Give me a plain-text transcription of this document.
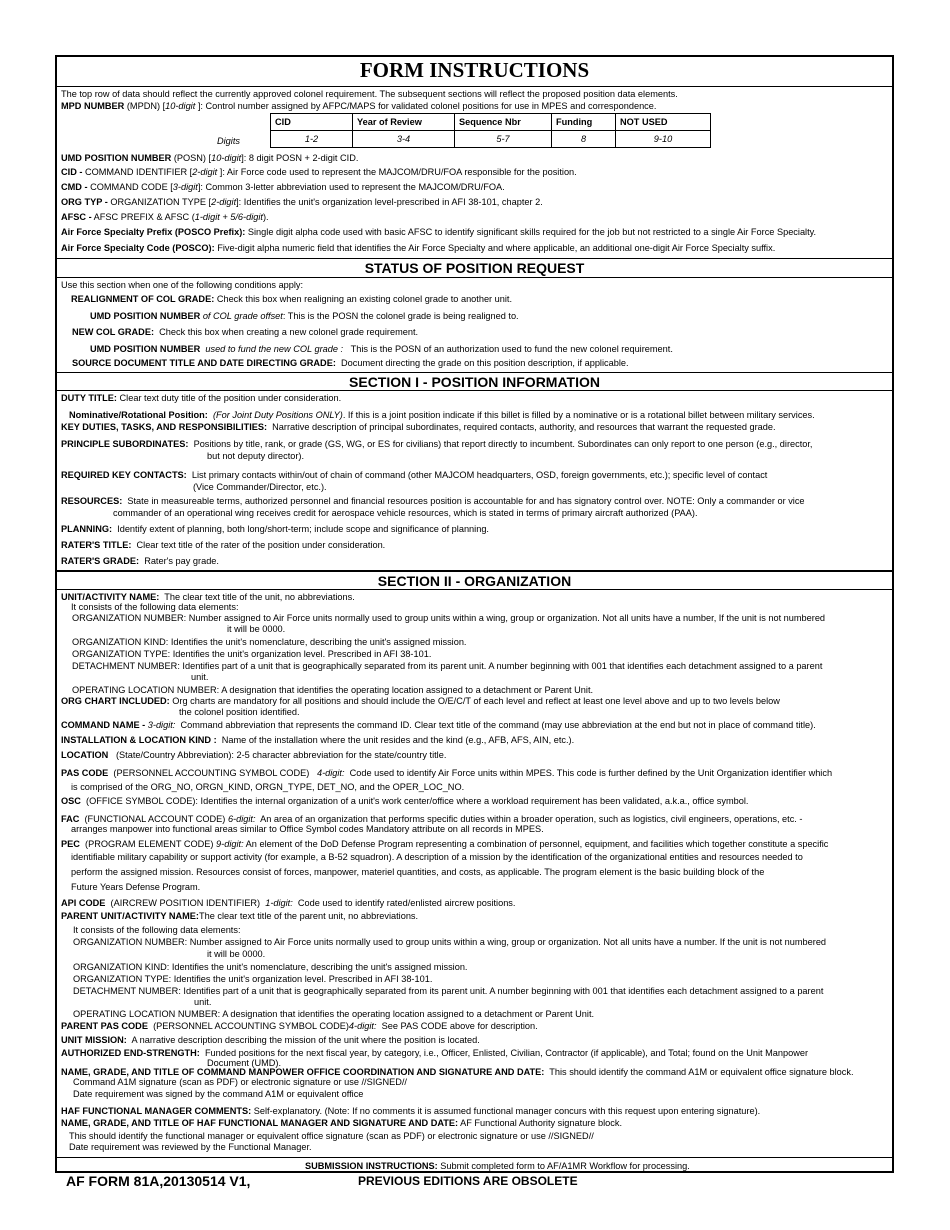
FORM INSTRUCTIONS
The top row of data should reflect the currently approved colonel requirement. The subsequent sections will reflect the proposed position data elements.
MPD NUMBER (MPDN) [10-digit ]: Control number assigned by AFPC/MAPS for validated colonel positions for use in MPES and correspondence.
Digits
CID	Year of Review	Sequence Nbr	Funding	NOT USED
1-2	3-4	5-7	8	9-10
UMD POSITION NUMBER (POSN) [10-digit]: 8 digit POSN + 2-digit CID.
CID - COMMAND IDENTIFIER [2-digit ]: Air Force code used to represent the MAJCOM/DRU/FOA responsible for the position.
CMD - COMMAND CODE [3-digit]: Common 3-letter abbreviation used to represent the MAJCOM/DRU/FOA.
ORG TYP - ORGANIZATION TYPE [2-digit]: Identifies the unit's organization level-prescribed in AFI 38-101, chapter 2.
AFSC - AFSC PREFIX & AFSC (1-digit + 5/6-digit).
Air Force Specialty Prefix (POSCO Prefix): Single digit alpha code used with basic AFSC to identify significant skills required for the job but not restricted to a single Air Force Specialty.
Air Force Specialty Code (POSCO): Five-digit alpha numeric field that identifies the Air Force Specialty and where applicable, an additional one-digit Air Force Specialty suffix.
STATUS OF POSITION REQUEST
Use this section when one of the following conditions apply:
REALIGNMENT OF COL GRADE: Check this box when realigning an existing colonel grade to another unit.
UMD POSITION NUMBER of COL grade offset: This is the POSN the colonel grade is being realigned to.
NEW COL GRADE: Check this box when creating a new colonel grade requirement.
UMD POSITION NUMBER used to fund the new COL grade : This is the POSN of an authorization used to fund the new colonel requirement.
SOURCE DOCUMENT TITLE AND DATE DIRECTING GRADE: Document directing the grade on this position description, if applicable.
SECTION I - POSITION INFORMATION
DUTY TITLE: Clear text duty title of the position under consideration.
Nominative/Rotational Position: (For Joint Duty Positions ONLY). If this is a joint position indicate if this billet is filled by a nominative or is a rotational billet between military services.
KEY DUTIES, TASKS, AND RESPONSIBILITIES: Narrative description of principal subordinates, required contacts, authority, and resources that warrant the requested grade.
PRINCIPLE SUBORDINATES: Positions by title, rank, or grade (GS, WG, or ES for civilians) that report directly to incumbent. Subordinates can only report to one person (e.g., director,
but not deputy director).
REQUIRED KEY CONTACTS: List primary contacts within/out of chain of command (other MAJCOM headquarters, OSD, foreign governments, etc.); specific level of contact
(Vice Commander/Director, etc.).
RESOURCES: State in measureable terms, authorized personnel and financial resources position is accountable for and has signatory control over. NOTE: Only a commander or vice
commander of an operational wing receives credit for aerospace vehicle resources, which is stated in terms of primary aircraft authorized (PAA).
PLANNING: Identify extent of planning, both long/short-term; include scope and significance of planning.
RATER'S TITLE: Clear text title of the rater of the position under consideration.
RATER'S GRADE: Rater's pay grade.
SECTION II - ORGANIZATION
UNIT/ACTIVITY NAME: The clear text title of the unit, no abbreviations.
It consists of the following data elements:
ORGANIZATION NUMBER: Number assigned to Air Force units normally used to group units within a wing, group or organization. Not all units have a number, If the unit is not numbered
it will be 0000.
ORGANIZATION KIND: Identifies the unit's nomenclature, describing the unit's assigned mission.
ORGANIZATION TYPE: Identifies the unit's organization level. Prescribed in AFI 38-101.
DETACHMENT NUMBER: Identifies part of a unit that is geographically separated from its parent unit. A number beginning with 001 that identifies each detachment assigned to a parent
unit.
OPERATING LOCATION NUMBER: A designation that identifies the operating location assigned to a detachment or Parent Unit.
ORG CHART INCLUDED: Org charts are mandatory for all positions and should include the O/E/C/T of each level and reflect at least one level above and up to two levels below
the colonel position identified.
COMMAND NAME - 3-digit: Command abbreviation that represents the command ID. Clear text title of the command (may use abbreviation at the end but not in place of command title).
INSTALLATION & LOCATION KIND : Name of the installation where the unit resides and the kind (e.g., AFB, AFS, AIN, etc.).
LOCATION (State/Country Abbreviation): 2-5 character abbreviation for the state/country title.
PAS CODE (PERSONNEL ACCOUNTING SYMBOL CODE) 4-digit: Code used to identify Air Force units within MPES. This code is further defined by the Unit Organization identifier which
is comprised of the ORG_NO, ORGN_KIND, ORGN_TYPE, DET_NO, and the OPER_LOC_NO.
OSC (OFFICE SYMBOL CODE): Identifies the internal organization of a unit's work center/office where a workload requirement has been validated, a.k.a., office symbol.
FAC (FUNCTIONAL ACCOUNT CODE) 6-digit: An area of an organization that performs specific duties within a broader operation, such as logistics, civil engineers, operations, etc. -
arranges manpower into functional areas similar to Office Symbol codes Mandatory attribute on all records in MPES.
PEC (PROGRAM ELEMENT CODE) 9-digit: An element of the DoD Defense Program representing a combination of personnel, equipment, and facilities which together constitute a specific
identifiable military capability or support activity (for example, a B-52 squadron). A description of a mission by the identification of the organizational entities and resources needed to
perform the assigned mission. Resources consist of forces, manpower, materiel quantities, and costs, as applicable. The program element is the basic building block of the
Future Years Defense Program.
API CODE (AIRCREW POSITION IDENTIFIER) 1-digit: Code used to identify rated/enlisted aircrew positions.
PARENT UNIT/ACTIVITY NAME:The clear text title of the parent unit, no abbreviations.
It consists of the following data elements:
ORGANIZATION NUMBER: Number assigned to Air Force units normally used to group units within a wing, group or organization. Not all units have a number. If the unit is not numbered
it will be 0000.
ORGANIZATION KIND: Identifies the unit's nomenclature, describing the unit's assigned mission.
ORGANIZATION TYPE: Identifies the unit's organization level. Prescribed in AFI 38-101.
DETACHMENT NUMBER: Identifies part of a unit that is geographically separated from its parent unit. A number beginning with 001 that identifies each detachment assigned to a parent
unit.
OPERATING LOCATION NUMBER: A designation that identifies the operating location assigned to a detachment or Parent Unit.
PARENT PAS CODE (PERSONNEL ACCOUNTING SYMBOL CODE)4-digit: See PAS CODE above for description.
UNIT MISSION: A narrative description describing the mission of the unit where the position is located.
AUTHORIZED END-STRENGTH: Funded positions for the next fiscal year, by category, i.e., Officer, Enlisted, Civilian, Contractor (if applicable), and Total; found on the Unit Manpower
Document (UMD).
NAME, GRADE, AND TITLE OF COMMAND MANPOWER OFFICE COORDINATION AND SIGNATURE AND DATE: This should identify the command A1M or equivalent office signature block.
Command A1M signature (scan as PDF) or electronic signature or use //SIGNED//
Date requirement was signed by the command A1M or equivalent office
HAF FUNCTIONAL MANAGER COMMENTS: Self-explanatory. (Note: If no comments it is assumed functional manager concurs with this request upon entering signature).
NAME, GRADE, AND TITLE OF HAF FUNCTIONAL MANAGER AND SIGNATURE AND DATE: AF Functional Authority signature block.
This should identify the functional manager or equivalent office signature (scan as PDF) or electronic signature or use //SIGNED//
Date requirement was reviewed by the Functional Manager.
SUBMISSION INSTRUCTIONS: Submit completed form to AF/A1MR Workflow for processing.
AF FORM 81A,20130514 V1,	PREVIOUS EDITIONS ARE OBSOLETE
